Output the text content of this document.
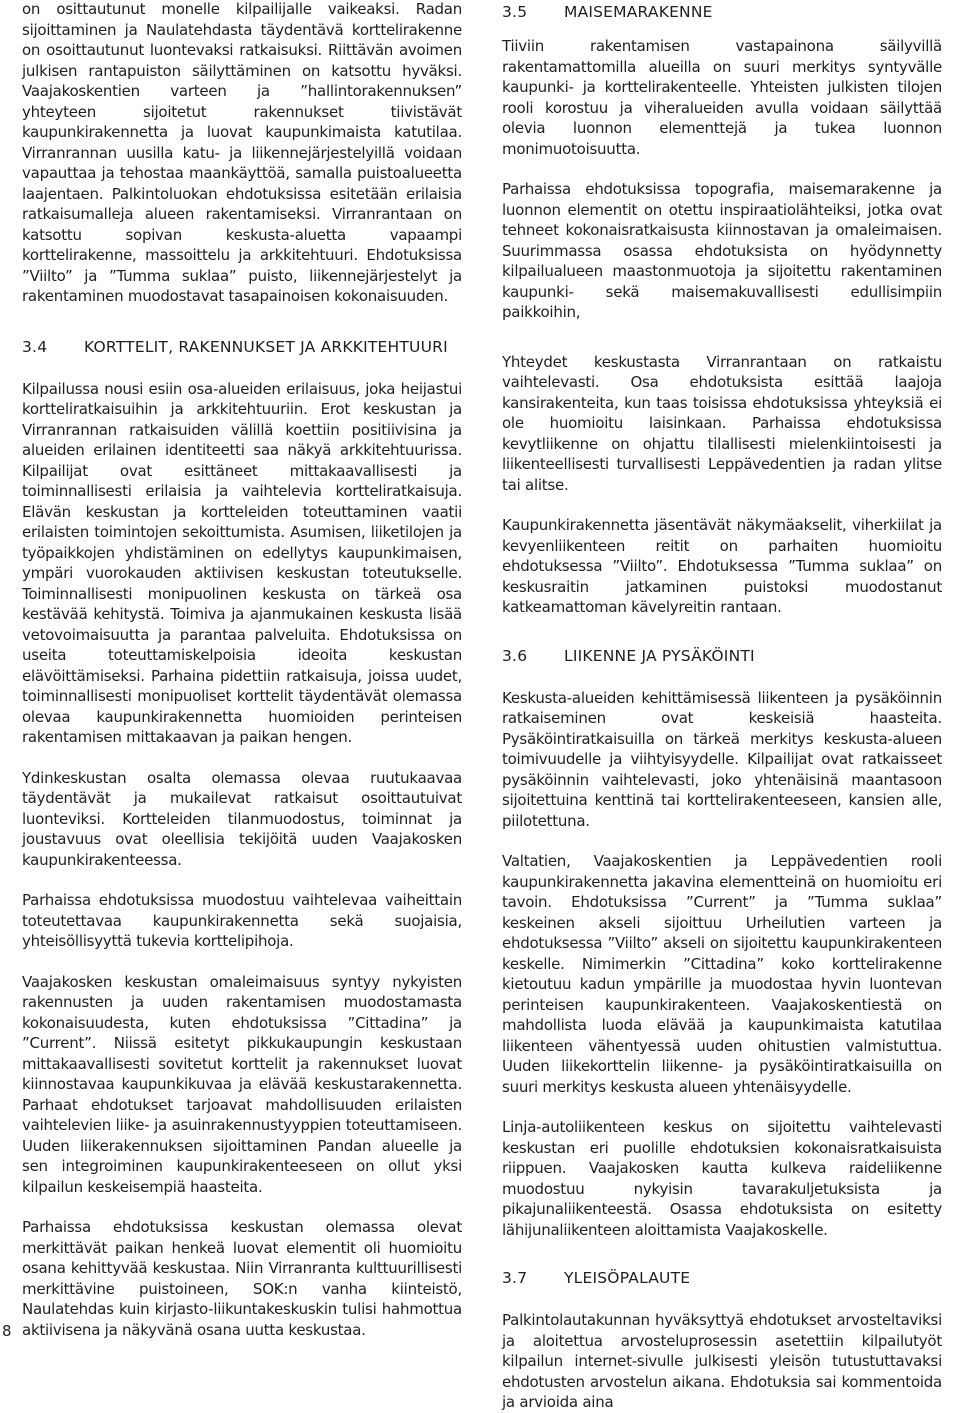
on osittautunut monelle kilpailijalle vaikeaksi. Radan sijoittaminen ja Naulatehdasta täydentävä korttelirakenne on osoittautunut luontevaksi ratkaisuksi. Riittävän avoimen julkisen rantapuiston säilyttäminen on katsottu hyväksi. Vaajakoskentien varteen ja ”hallintorakennuksen” yhteyteen sijoitetut rakennukset tiivistävät kaupunkirakennetta ja luovat kaupunkimaista katutilaa. Virranrannan uusilla katu- ja liikennejärjestelyillä voidaan vapauttaa ja tehostaa maankäyttöä, samalla puistoalueetta laajentaen. Palkintoluokan ehdotuksissa esitetään erilaisia ratkaisumalleja alueen rakentamiseksi. Virranrantaan on katsottu sopivan keskusta-aluetta vapaampi korttelirakenne, massoittelu ja arkkitehtuuri. Ehdotuksissa ”Viilto” ja ”Tumma suklaa” puisto, liikennejärjestelyt ja rakentaminen muodostavat tasapainoisen kokonaisuuden.

3.4	KORTTELIT, RAKENNUKSET JA ARKKITEHTUURI

Kilpailussa nousi esiin osa-alueiden erilaisuus, joka heijastui kortteliratkaisuihin ja arkkitehtuuriin. Erot keskustan ja Virranrannan ratkaisuiden välillä koettiin positiivisina ja alueiden erilainen identiteetti saa näkyä arkkitehtuurissa. Kilpailijat ovat esittäneet mittakaavallisesti ja toiminnallisesti erilaisia ja vaihtelevia kortteliratkaisuja. Elävän keskustan ja kortteleiden toteuttaminen vaatii erilaisten toimintojen sekoittumista. Asumisen, liiketilojen ja työpaikkojen yhdistäminen on edellytys kaupunkimaisen, ympäri vuorokauden aktiivisen keskustan toteutukselle. Toiminnallisesti monipuolinen keskusta on tärkeä osa kestävää kehitystä. Toimiva ja ajanmukainen keskusta lisää vetovoimaisuutta ja parantaa palveluita. Ehdotuksissa on useita toteuttamiskelpoisia ideoita keskustan elävöittämiseksi. Parhaina pidettiin ratkaisuja, joissa uudet, toiminnallisesti monipuoliset korttelit täydentävät olemassa olevaa kaupunkirakennetta huomioiden perinteisen rakentamisen mittakaavan ja paikan hengen.

Ydinkeskustan osalta olemassa olevaa ruutukaavaa täydentävät ja mukailevat ratkaisut osoittautuivat luonteviksi. Kortteleiden tilanmuodostus, toiminnat ja joustavuus ovat oleellisia tekijöitä uuden Vaajakosken kaupunkirakenteessa.

Parhaissa ehdotuksissa muodostuu vaihtelevaa vaiheittain toteutettavaa kaupunkirakennetta sekä suojaisia, yhteisöllisyyttä tukevia korttelipihoja.

Vaajakosken keskustan omaleimaisuus syntyy nykyisten rakennusten ja uuden rakentamisen muodostamasta kokonaisuudesta, kuten ehdotuksissa ”Cittadina” ja ”Current”. Niissä esitetyt pikkukaupungin keskustaan mittakaavallisesti sovitetut korttelit ja rakennukset luovat kiinnostavaa kaupunkikuvaa ja elävää keskustarakennetta. Parhaat ehdotukset tarjoavat mahdollisuuden erilaisten vaihtelevien liike- ja asuinrakennustyyppien toteuttamiseen. Uuden liikerakennuksen sijoittaminen Pandan alueelle ja sen integroiminen kaupunkirakenteeseen on ollut yksi kilpailun keskeisempiä haasteita.

Parhaissa ehdotuksissa keskustan olemassa olevat merkittävät paikan henkeä luovat elementit oli huomioitu osana kehittyvää keskustaa. Niin Virranranta kulttuurillisesti merkittävine puistoineen, SOK:n vanha kiinteistö, Naulatehdas kuin kirjasto-liikuntakeskuskin tulisi hahmottua aktiivisena ja näkyvänä osana uutta keskustaa.

3.5	MAISEMARAKENNE

Tiiviin rakentamisen vastapainona säilyvillä rakentamattomilla alueilla on suuri merkitys syntyvälle kaupunki- ja korttelirakenteelle. Yhteisten julkisten tilojen rooli korostuu ja viheralueiden avulla voidaan säilyttää olevia luonnon elementtejä ja tukea luonnon monimuotoisuutta.

Parhaissa ehdotuksissa topografia, maisemarakenne ja luonnon elementit on otettu inspiraatiolähteiksi, jotka ovat tehneet kokonaisratkaisusta kiinnostavan ja omaleimaisen. Suurimmassa osassa ehdotuksista on hyödynnetty kilpailualueen maastonmuotoja ja sijoitettu rakentaminen kaupunki- sekä maisemakuvallisesti edullisimpiin paikkoihin,

Yhteydet keskustasta Virranrantaan on ratkaistu vaihtelevasti. Osa ehdotuksista esittää laajoja kansirakenteita, kun taas toisissa ehdotuksissa yhteyksiä ei ole huomioitu laisinkaan. Parhaissa ehdotuksissa kevytliikenne on ohjattu tilallisesti mielenkiintoisesti ja liikenteellisesti turvallisesti Leppävedentien ja radan ylitse tai alitse.

Kaupunkirakennetta jäsentävät näkymäakselit, viherkiilat ja kevyenliikenteen reitit on parhaiten huomioitu ehdotuksessa ”Viilto”. Ehdotuksessa ”Tumma suklaa” on keskusraitin jatkaminen puistoksi muodostanut katkeamattoman kävelyreitin rantaan.

3.6	LIIKENNE JA PYSÄKÖINTI

Keskusta-alueiden kehittämisessä liikenteen ja pysäköinnin ratkaiseminen ovat keskeisiä haasteita. Pysäköintiratkaisuilla on tärkeä merkitys keskusta-alueen toimivuudelle ja viihtyisyydelle. Kilpailijat ovat ratkaisseet pysäköinnin vaihtelevasti, joko yhtenäisinä maantasoon sijoitettuina kenttinä tai korttelirakenteeseen, kansien alle, piilotettuna.

Valtatien, Vaajakoskentien ja Leppävedentien rooli kaupunkirakennetta jakavina elementteinä on huomioitu eri tavoin. Ehdotuksissa ”Current” ja ”Tumma suklaa” keskeinen akseli sijoittuu Urheilutien varteen ja ehdotuksessa ”Viilto” akseli on sijoitettu kaupunkirakenteen keskelle. Nimimerkin ”Cittadina” koko korttelirakenne kietoutuu kadun ympärille ja muodostaa hyvin luontevan perinteisen kaupunkirakenteen. Vaajakoskentiestä on mahdollista luoda elävää ja kaupunkimaista katutilaa liikenteen vähentyessä uuden ohitustien valmistuttua. Uuden liikekorttelin liikenne- ja pysäköintiratkaisuilla on suuri merkitys keskusta alueen yhtenäisyydelle.

Linja-autoliikenteen keskus on sijoitettu vaihtelevasti keskustan eri puolille ehdotuksien kokonaisratkaisuista riippuen. Vaajakosken kautta kulkeva raideliikenne muodostuu nykyisin tavarakuljetuksista ja pikajunaliikenteestä. Osassa ehdotuksista on esitetty lähijunaliikenteen aloittamista Vaajakoskelle.

3.7	YLEISÖPALAUTE

Palkintolautakunnan hyväksyttyä ehdotukset arvosteltaviksi ja aloitettua arvosteluprosessin asetettiin kilpailutyöt kilpailun internet-sivulle julkisesti yleisön tutustuttavaksi ehdotusten arvostelun aikana. Ehdotuksia sai kommentoida ja arvioida aina

8
